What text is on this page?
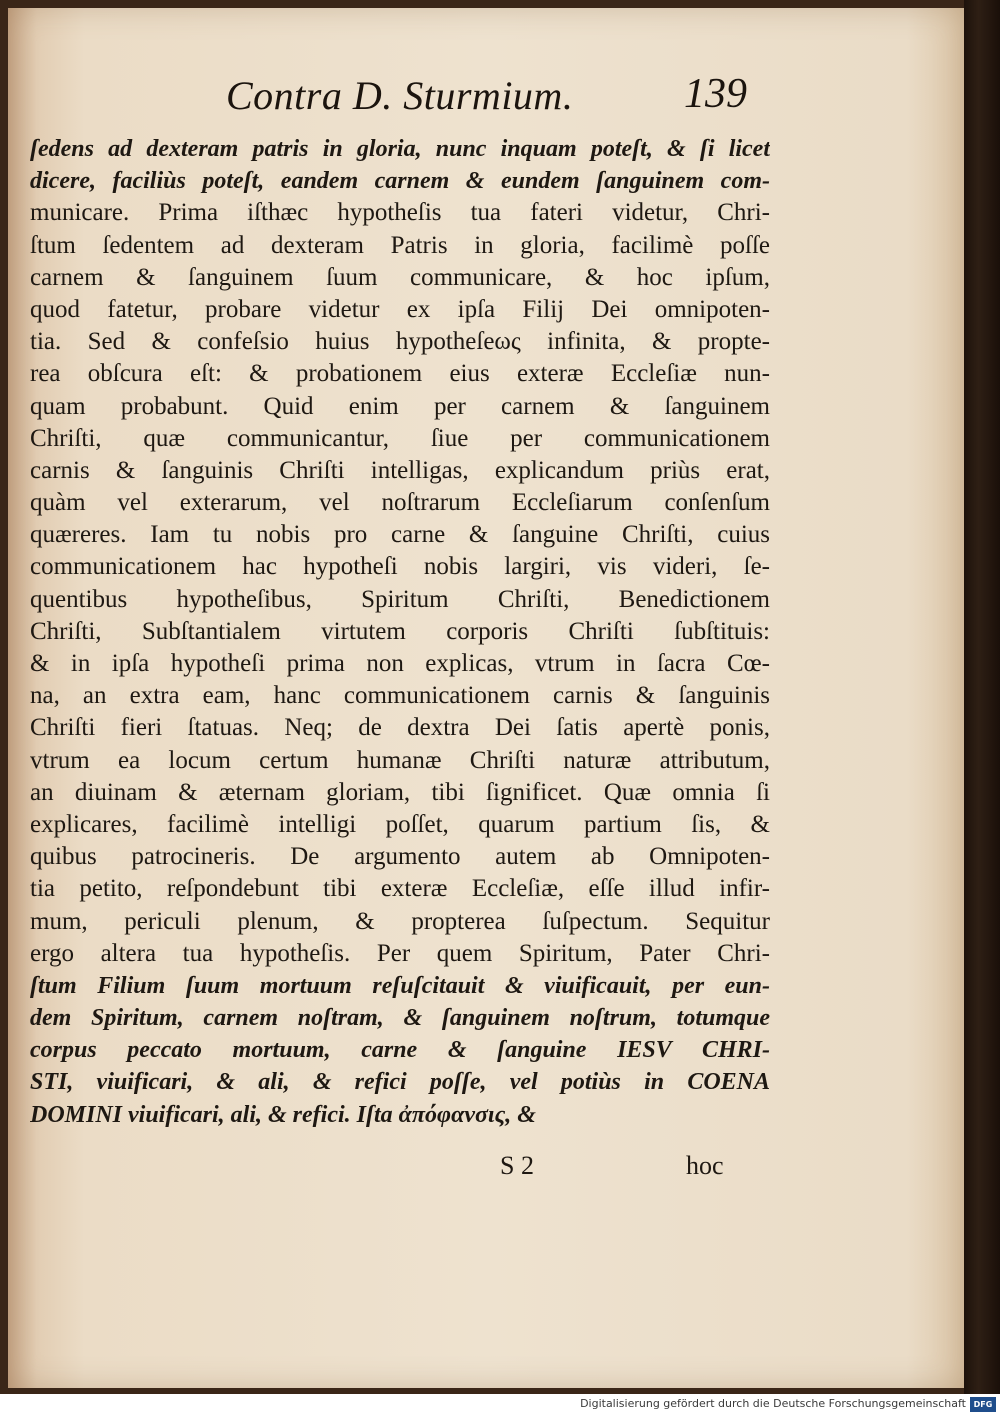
Contra D. Sturmium.	139
ſedens ad dexteram patris in gloria, nunc inquam poteſt, & ſi licet
dicere, faciliùs poteſt, eandem carnem & eundem ſanguinem com-
municare. Prima iſthæc hypotheſis tua fateri videtur, Chri-
ſtum ſedentem ad dexteram Patris in gloria, facilimè poſſe
carnem & ſanguinem ſuum communicare, & hoc ipſum,
quod fatetur, probare videtur ex ipſa Filij Dei omnipoten-
tia. Sed & confeſsio huius hypotheſeως infinita, & propte-
rea obſcura eſt: & probationem eius exteræ Eccleſiæ nun-
quam probabunt. Quid enim per carnem & ſanguinem
Chriſti, quæ communicantur, ſiue per communicationem
carnis & ſanguinis Chriſti intelligas, explicandum priùs erat,
quàm vel exterarum, vel noſtrarum Eccleſiarum conſenſum
quæreres. Iam tu nobis pro carne & ſanguine Chriſti, cuius
communicationem hac hypotheſi nobis largiri, vis videri, ſe-
quentibus hypotheſibus, Spiritum Chriſti, Benedictionem
Chriſti, Subſtantialem virtutem corporis Chriſti ſubſtituis:
& in ipſa hypotheſi prima non explicas, vtrum in ſacra Cœ-
na, an extra eam, hanc communicationem carnis & ſanguinis
Chriſti fieri ſtatuas. Neq; de dextra Dei ſatis apertè ponis,
vtrum ea locum certum humanæ Chriſti naturæ attributum,
an diuinam & æternam gloriam, tibi ſignificet. Quæ omnia ſi
explicares, facilimè intelligi poſſet, quarum partium ſis, &
quibus patrocineris. De argumento autem ab Omnipoten-
tia petito, reſpondebunt tibi exteræ Eccleſiæ, eſſe illud infir-
mum, periculi plenum, & propterea ſuſpectum. Sequitur
ergo altera tua hypotheſis. Per quem Spiritum, Pater Chri-
ſtum Filium ſuum mortuum reſuſcitauit & viuificauit, per eun-
dem Spiritum, carnem noſtram, & ſanguinem noſtrum, totumque
corpus peccato mortuum, carne & ſanguine IESV CHRI-
STI, viuificari, & ali, & refici poſſe, vel potiùs in COENA
DOMINI viuificari, ali, & refici. Iſta ἀπόφανσις, &
S 2	hoc
Digitalisierung gefördert durch die Deutsche Forschungsgemeinschaft DFG
